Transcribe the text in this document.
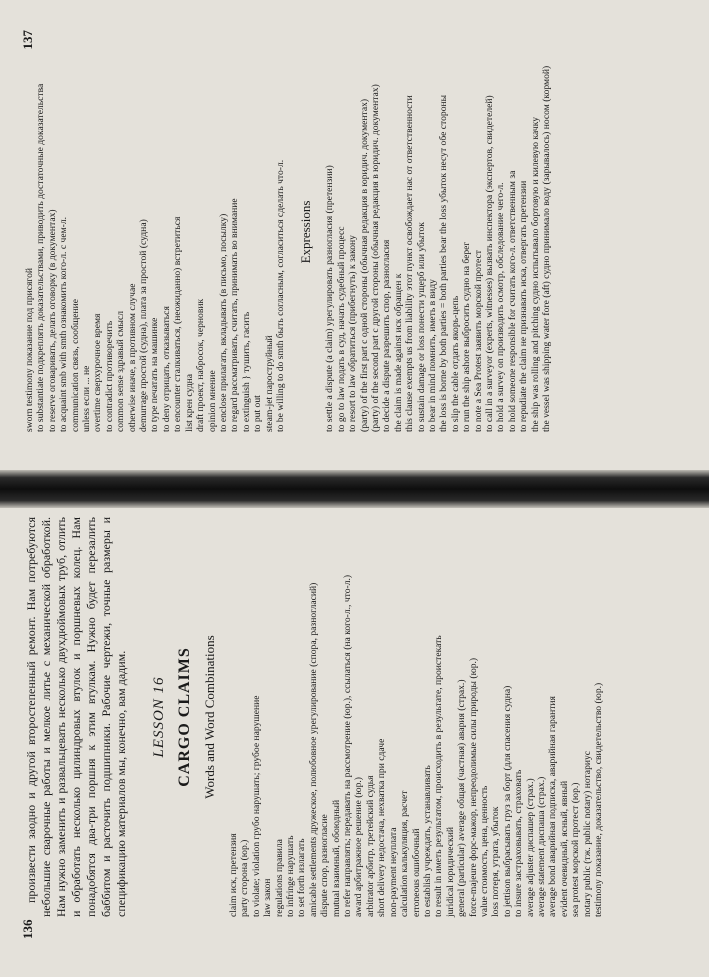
137

sworn testimony показание под присягой to substantiate подкреплять доказательствами, приводить достаточные доказательства to reserve оговаривать, делать оговорку (в документах) to acquaint smb with smth ознакомить кого-л. с чем-л. communication связь, сообщение unless если ... не overtime сверхурочное время to contradict противоречить common sense здравый смысл otherwise иначе, в противном случае demurrage простой (судна), плата за простой (судна) to type печатать на машинке to deny отрицать, отказываться to encounter сталкиваться, (неожиданно) встретиться list крен судна draft проект, набросок, черновик opinion мнение to enclose прилагать, вкладывать (в письмо, посылку) to regard рассматривать, считать, принимать во внимание to extinguish } тушить, гасить to put out steam-jet пароструйный to be willing to do smth быть согласным, согласиться сделать что-л. Expressions to settle a dispute (a claim) урегулировать разногласия (претензии) to go to law подать в суд, начать судебный процесс to resort to law обратиться (прибегнуть) к закону (party) of the first part с одной стороны (обычная редакция в юридич. документах) (party) of the second part с другой стороны (обычная редакция в юридич. документах) to decide a dispute разрешить спор, разногласия the claim is made against иск обращен к this clause exempts us from liability этот пункт освобождает нас от ответственности to sustain damage or loss понести ущерб или убыток to bear in mind помнить, иметь в виду the loss is borne by both parties = both parties bear the loss убыток несут обе стороны to slip the cable отдать якорь-цепь to run the ship ashore выбросить судно на берег to note a Sea Protest заявить морской протест to call in a surveyor (experts, witnesses) вызвать инспектора (экспертов, свидетелей) to hold a survey on производить осмотр, обследование чего-л. to hold someone responsible for считать кого-л. ответственным за to repudiate the claim не признавать иска, отвергать претензии the ship was rolling and pitching судно испытывало бортовую и килевую качку the vessel was shipping water fore (aft) судно принимало воду (зарывалось) носом (кормой)

136

произвести заодно и другой второстепенный ремонт. Нам потребуются небольшие сварочные работы и мелкое литье с механической обработкой. Нам нужно заменить и развальцевать несколько двухдюймовых труб, отлить и обработать несколько цилиндровых втулок и поршневых колец. Нам понадобятся два-три поршня к этим втулкам. Нужно будет перезалить баббитом и расточить подшипники. Рабочие чертежи, точные размеры и спецификацию материалов мы, конечно, вам дадим. LESSON 16 CARGO CLAIMS Words and Word Combinations

claim иск, претензия party сторона (юр.) to violate; violation грубо нарушать; грубое нарушение law закон regulations правила to infringe нарушать to set forth излагать amicable settlements дружеское, полюбовное урегулирование (спора, разногласий) dispute спор, разногласие mutual взаимный, обоюдный to refer направлять; передавать на рассмотрение (юр.), ссылаться (на кого-л., что-л.) award арбитражное решение (юр.) arbitrator арбитр, третейский судья short delivery недостача, нехватка при сдаче non-payment неуплата calculation калькуляция, расчет erroneous ошибочный to establish учреждать, устанавливать to result in иметь результатом, происходить в результате, проистекать juridical юридический general (particular) average общая (частная) авария (страх.) force-majeure форс-мажор, непреодолимые силы природы (юр.) value стоимость, цена, ценность loss потеря, утрата, убыток to jettison выбрасывать груз за борт (для спасения судна) to insure застраховывать, страховать average adjuster диспашер (страх.) average statement диспаша (страх.) average bond аварийная подписка, аварийная гарантия evident очевидный, ясный, явный sea protest морской протест (юр.) notary public (тж. public notary) нотариус testimony показание, доказательство, свидетельство (юр.)
